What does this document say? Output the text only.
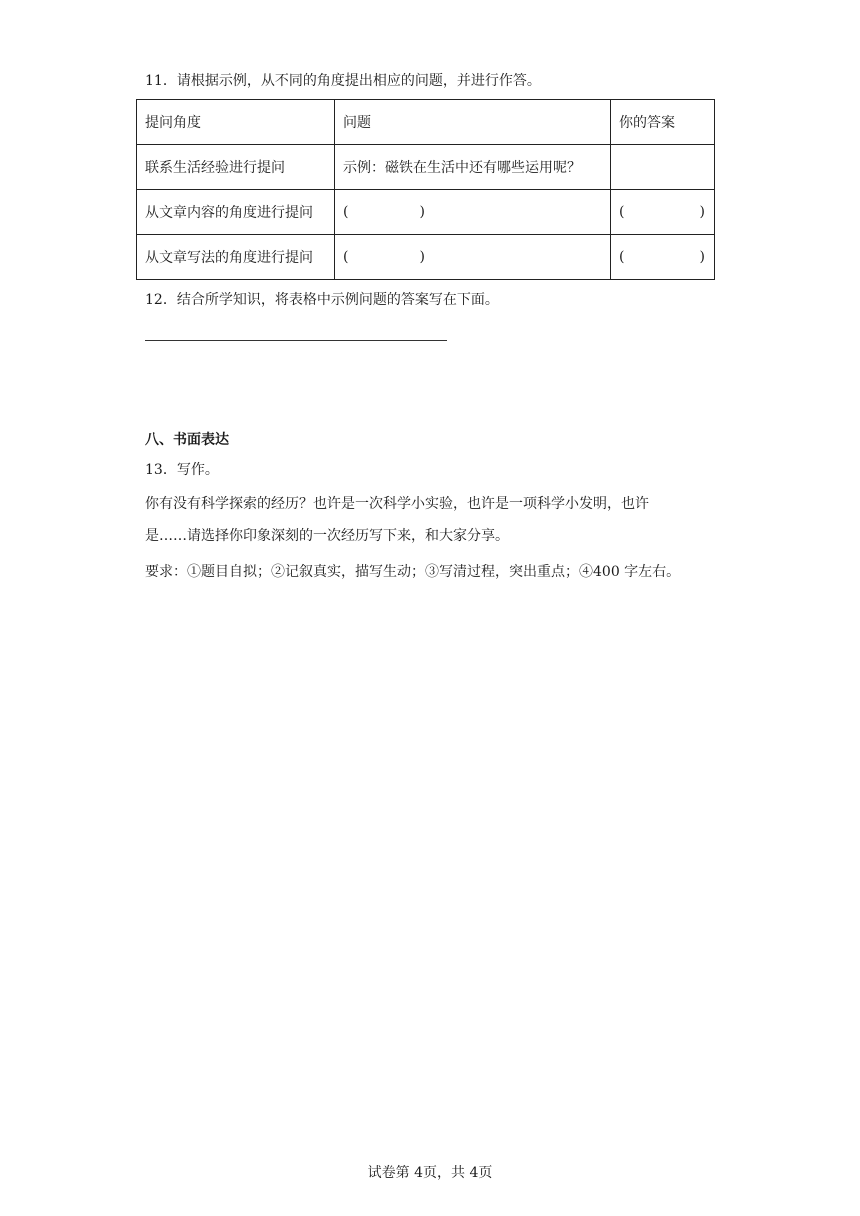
11．请根据示例，从不同的角度提出相应的问题，并进行作答。
提问角度	问题	你的答案
联系生活经验进行提问	示例：磁铁在生活中还有哪些运用呢？	
从文章内容的角度进行提问	( )	( )

从文章写法的角度进行提问	( )	( )
12．结合所学知识，将表格中示例问题的答案写在下面。
八、书面表达
13．写作。
你有没有科学探索的经历？也许是一次科学小实验，也许是一项科学小发明，也许
是……请选择你印象深刻的一次经历写下来，和大家分享。
要求：①题目自拟；②记叙真实，描写生动；③写清过程，突出重点；④400 字左右。
试卷第 4页，共 4页
